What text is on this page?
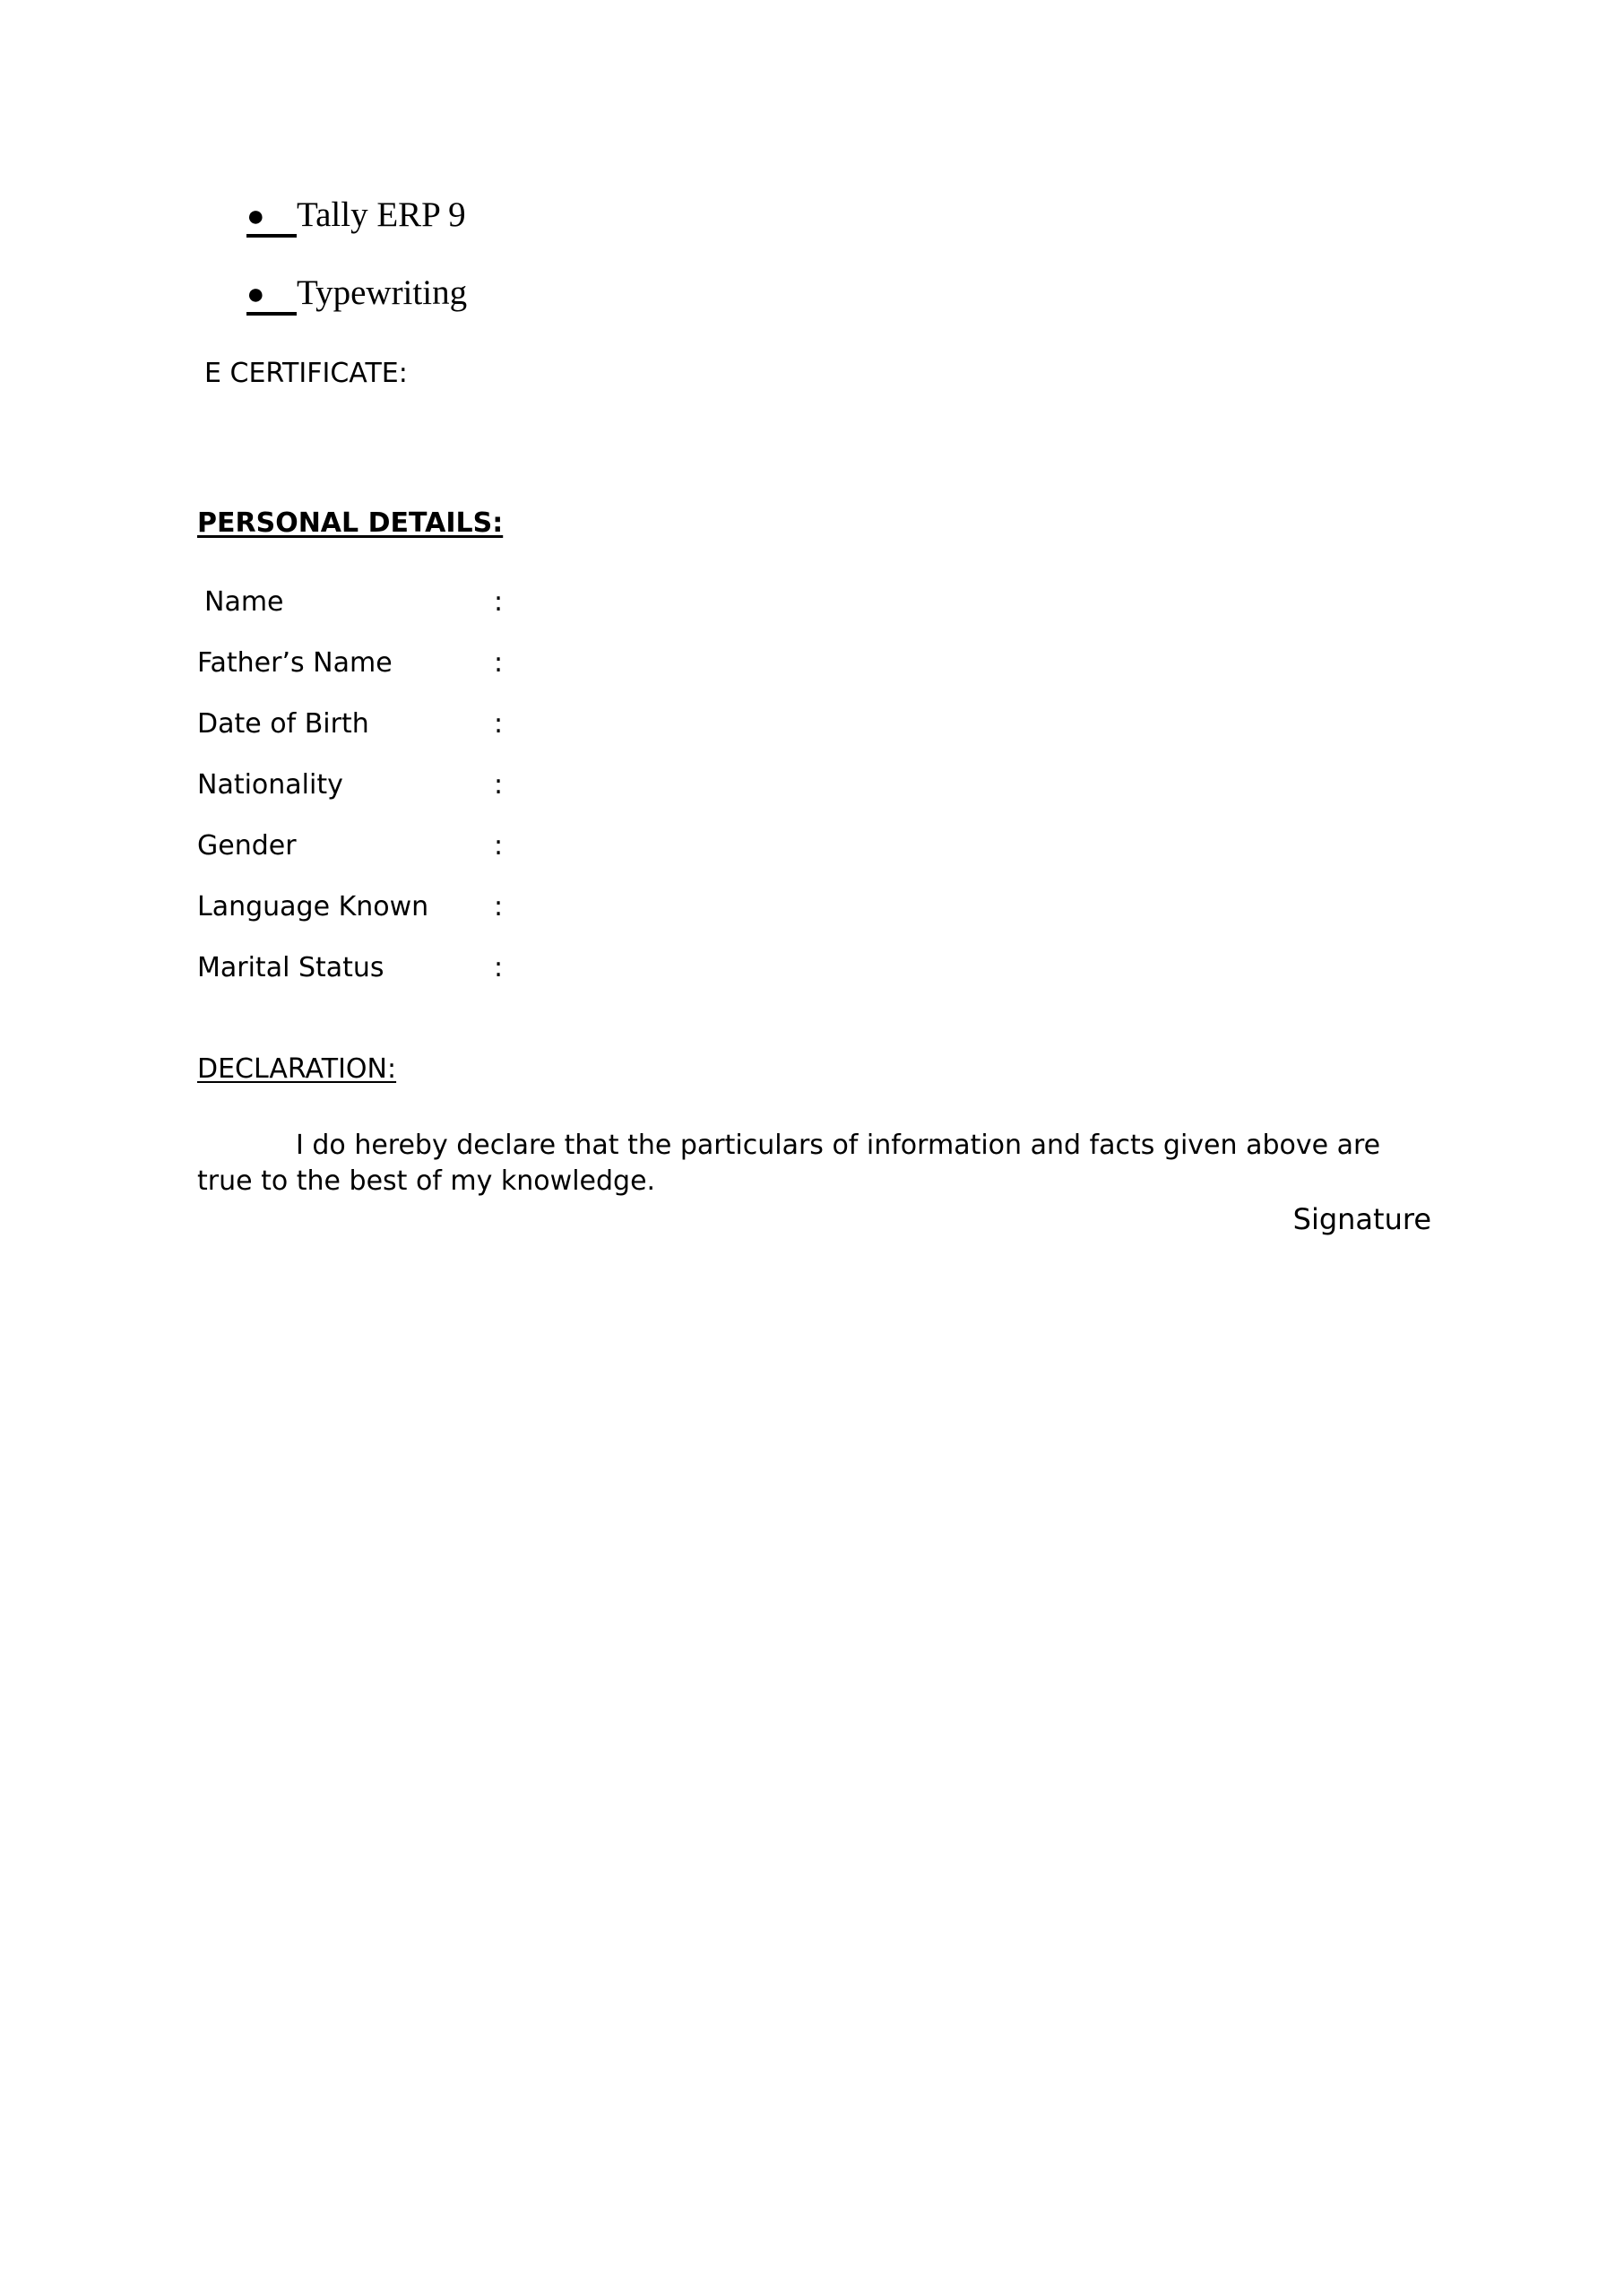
● Tally ERP 9
● Typewriting
E CERTIFICATE:
PERSONAL DETAILS:
Name	:
Father’s Name	:
Date of Birth	:
Nationality	:
Gender	:
Language Known :
Marital Status	:
DECLARATION:
I do hereby declare that the particulars of information and facts given above are true to the best of my knowledge.
Signature
